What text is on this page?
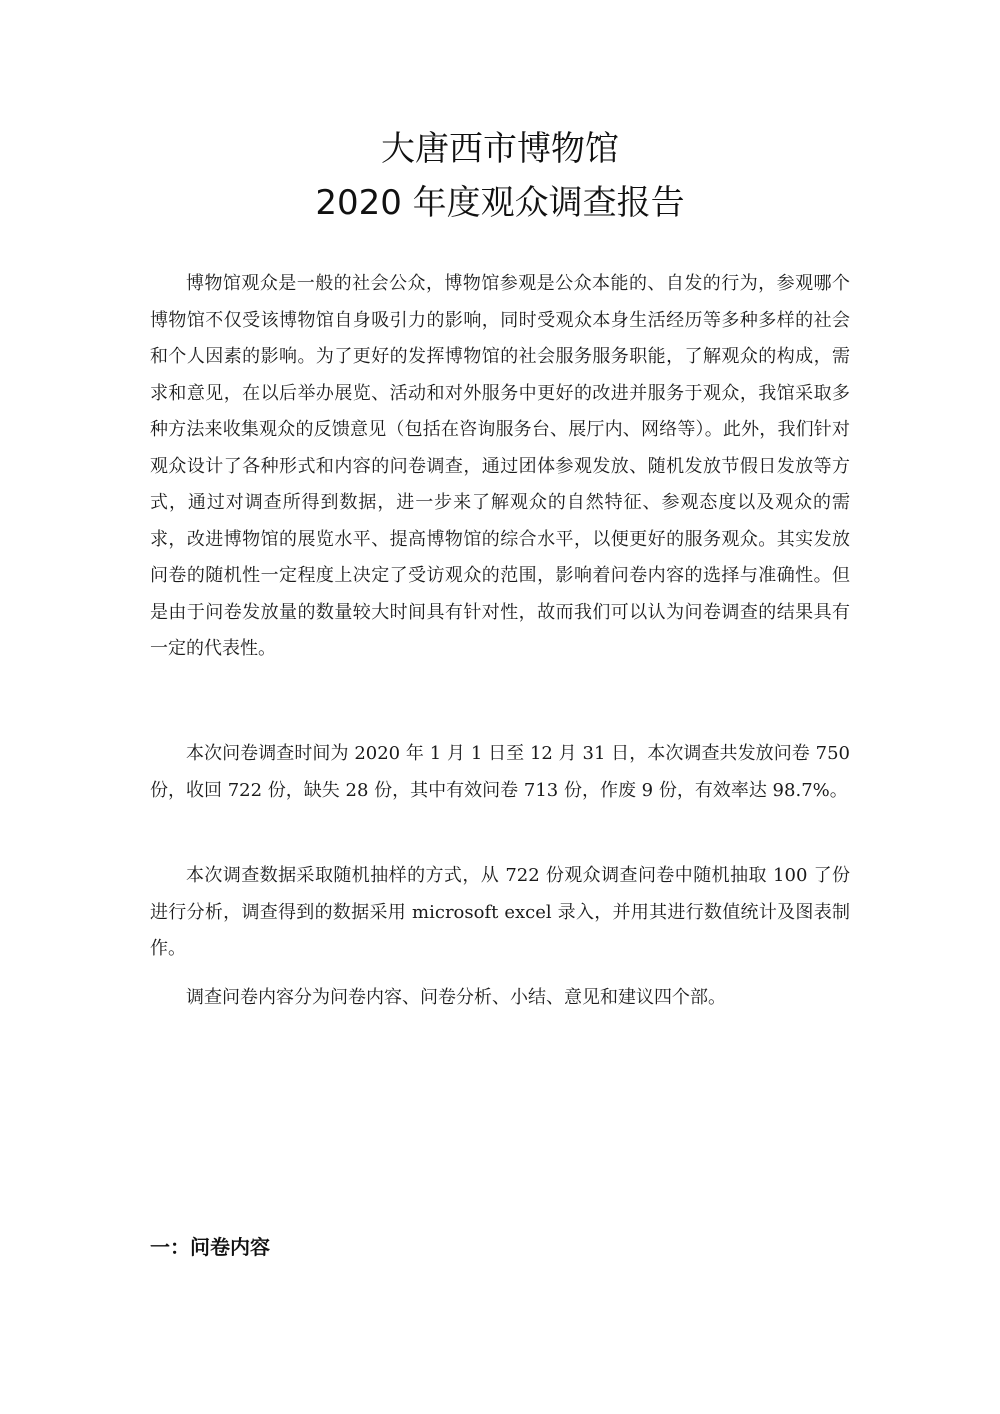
大唐西市博物馆
2020 年度观众调查报告

博物馆观众是一般的社会公众，博物馆参观是公众本能的、自发的行为，参观哪个博物馆不仅受该博物馆自身吸引力的影响，同时受观众本身生活经历等多种多样的社会和个人因素的影响。为了更好的发挥博物馆的社会服务服务职能，了解观众的构成，需求和意见，在以后举办展览、活动和对外服务中更好的改进并服务于观众，我馆采取多种方法来收集观众的反馈意见（包括在咨询服务台、展厅内、网络等）。此外，我们针对观众设计了各种形式和内容的问卷调查，通过团体参观发放、随机发放节假日发放等方式，通过对调查所得到数据，进一步来了解观众的自然特征、参观态度以及观众的需求，改进博物馆的展览水平、提高博物馆的综合水平，以便更好的服务观众。其实发放问卷的随机性一定程度上决定了受访观众的范围，影响着问卷内容的选择与准确性。但是由于问卷发放量的数量较大时间具有针对性，故而我们可以认为问卷调查的结果具有一定的代表性。

本次问卷调查时间为 2020 年 1 月 1 日至 12 月 31 日，本次调查共发放问卷 750 份，收回 722 份，缺失 28 份，其中有效问卷 713 份，作废 9 份，有效率达 98.7%。

本次调查数据采取随机抽样的方式，从 722 份观众调查问卷中随机抽取 100 了份进行分析，调查得到的数据采用 microsoft excel 录入，并用其进行数值统计及图表制作。

调查问卷内容分为问卷内容、问卷分析、小结、意见和建议四个部。

一：问卷内容
